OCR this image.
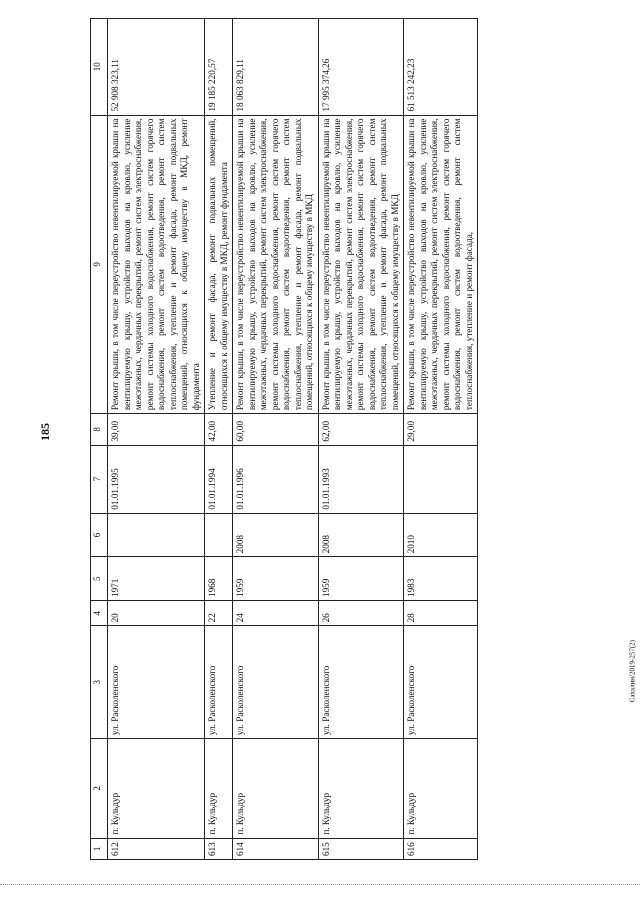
185
1	2	3	4	5	6	7	8	9	10
612	п. Кульдур	ул. Расколенского	20	1971		01.01.1995	39,00	Ремонт крыши, в том числе переустройство невентилируемой крыши на вентилируемую крышу, устройство выходов на кровлю, усиление межэтажных, чердачных перекрытий, ремонт систем электроснабжения, ремонт системы холодного водоснабжения, ремонт систем горячего водоснабжения, ремонт систем водоотведения, ремонт систем теплоснабжения, утепление и ремонт фасада, ремонт подвальных помещений, относящихся к общему имуществу в МКД, ремонт фундамента	52 908 323,11
613	п. Кульдур	ул. Расколенского	22	1968		01.01.1994	42,00	Утепление и ремонт фасада, ремонт подвальных помещений, относящихся к общему имуществу в МКД, ремонт фундамента	19 185 220,57
614	п. Кульдур	ул. Расколенского	24	1959	2008	01.01.1996	60,00	Ремонт крыши, в том числе переустройство невентилируемой крыши на вентилируемую крышу, устройство выходов на кровлю, усиление межэтажных, чердачных перекрытий, ремонт систем электроснабжения, ремонт системы холодного водоснабжения, ремонт систем горячего водоснабжения, ремонт систем водоотведения, ремонт систем теплоснабжения, утепление и ремонт фасада, ремонт подвальных помещений, относящихся к общему имуществу в МКД	18 063 829,11
615	п. Кульдур	ул. Расколенского	26	1959	2008	01.01.1993	62,00	Ремонт крыши, в том числе переустройство невентилируемой крыши на вентилируемую крышу, устройство выходов на кровлю, усиление межэтажных, чердачных перекрытий, ремонт систем электроснабжения, ремонт системы холодного водоснабжения, ремонт систем горячего водоснабжения, ремонт систем водоотведения, ремонт систем теплоснабжения, утепление и ремонт фасада, ремонт подвальных помещений, относящихся к общему имуществу в МКД	17 995 374,26
616	п. Кульдур	ул. Расколенского	28	1983	2010		29,00	Ремонт крыши, в том числе переустройство невентилируемой крыши на вентилируемую крышу, устройство выходов на кровлю, усиление межэтажных, чердачных перекрытий, ремонт систем электроснабжения, ремонт системы холодного водоснабжения, ремонт систем горячего водоснабжения, ремонт систем водоотведения, ремонт систем теплоснабжения, утепление и ремонт фасада,	61 513 242,23
Сахалин/2019-257(2)
